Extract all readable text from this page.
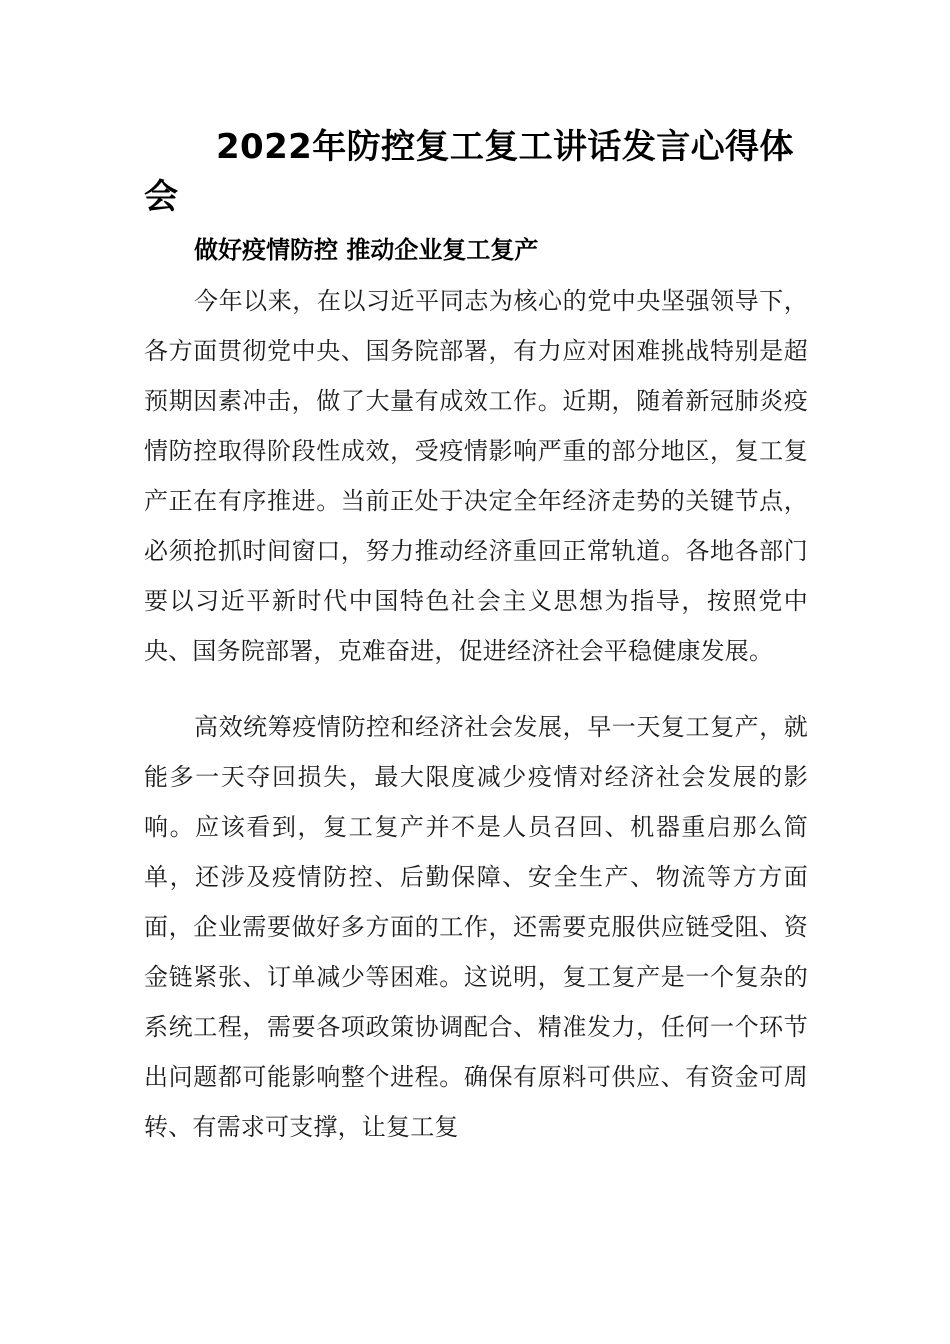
2022年防控复工复工讲话发言心得体会
做好疫情防控 推动企业复工复产

今年以来，在以习近平同志为核心的党中央坚强领导下，各方面贯彻党中央、国务院部署，有力应对困难挑战特别是超预期因素冲击，做了大量有成效工作。近期，随着新冠肺炎疫情防控取得阶段性成效，受疫情影响严重的部分地区，复工复产正在有序推进。当前正处于决定全年经济走势的关键节点，必须抢抓时间窗口，努力推动经济重回正常轨道。各地各部门要以习近平新时代中国特色社会主义思想为指导，按照党中央、国务院部署，克难奋进，促进经济社会平稳健康发展。

高效统筹疫情防控和经济社会发展，早一天复工复产，就能多一天夺回损失，最大限度减少疫情对经济社会发展的影响。应该看到，复工复产并不是人员召回、机器重启那么简单，还涉及疫情防控、后勤保障、安全生产、物流等方方面面，企业需要做好多方面的工作，还需要克服供应链受阻、资金链紧张、订单减少等困难。这说明，复工复产是一个复杂的系统工程，需要各项政策协调配合、精准发力，任何一个环节出问题都可能影响整个进程。确保有原料可供应、有资金可周转、有需求可支撑，让复工复
